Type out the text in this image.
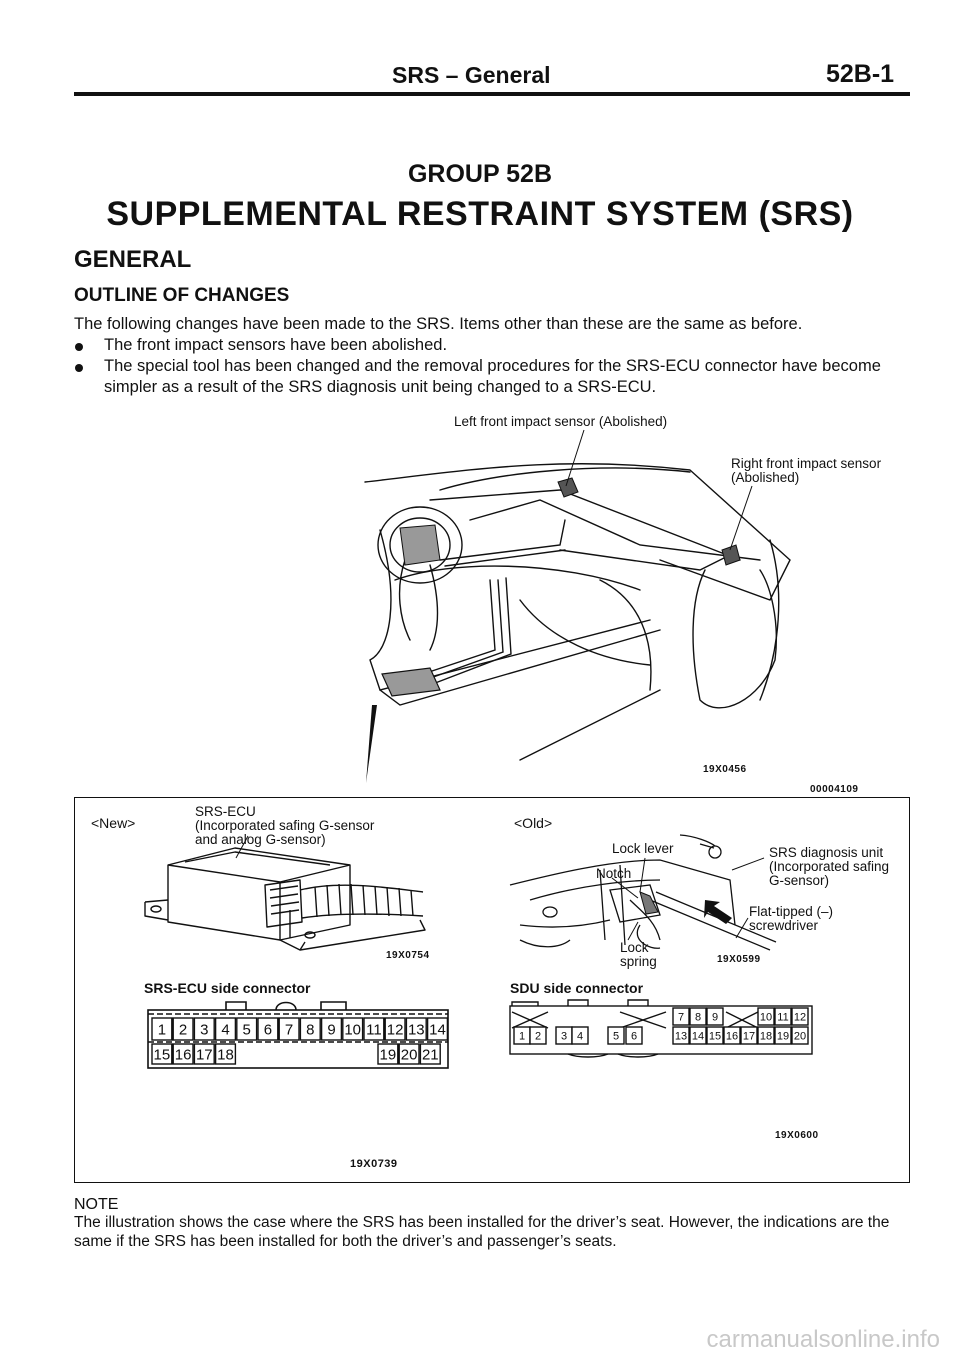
SRS – General	52B-1
GROUP 52B
SUPPLEMENTAL RESTRAINT SYSTEM (SRS)
GENERAL
OUTLINE OF CHANGES
The following changes have been made to the SRS. Items other than these are the same as before.
The front impact sensors have been abolished.
The special tool has been changed and the removal procedures for the SRS-ECU connector have become simpler as a result of the SRS diagnosis unit being changed to a SRS-ECU.
Left front impact sensor (Abolished)
Right front impact sensor
(Abolished)
19X0456
00004109
<New>
SRS-ECU
(Incorporated safing G-sensor
and analog G-sensor)
19X0754
SRS-ECU side connector
1 2 3 4 5 6 7 8 9 10 11 12 13 14
15 16 17 18	19 20 21
19X0739
<Old>
Lock lever
Notch
SRS diagnosis unit
(Incorporated safing
G-sensor)
Flat-tipped (–)
screwdriver
Lock
spring	19X0599
SDU side connector
7 8 9	10 11 12
1 2 3 4	5 6	13 14 15 16 17 18 19 20
19X0600
NOTE
The illustration shows the case where the SRS has been installed for the driver’s seat. However, the indications are the same if the SRS has been installed for both the driver’s and passenger’s seats.
carmanualsonline.info
